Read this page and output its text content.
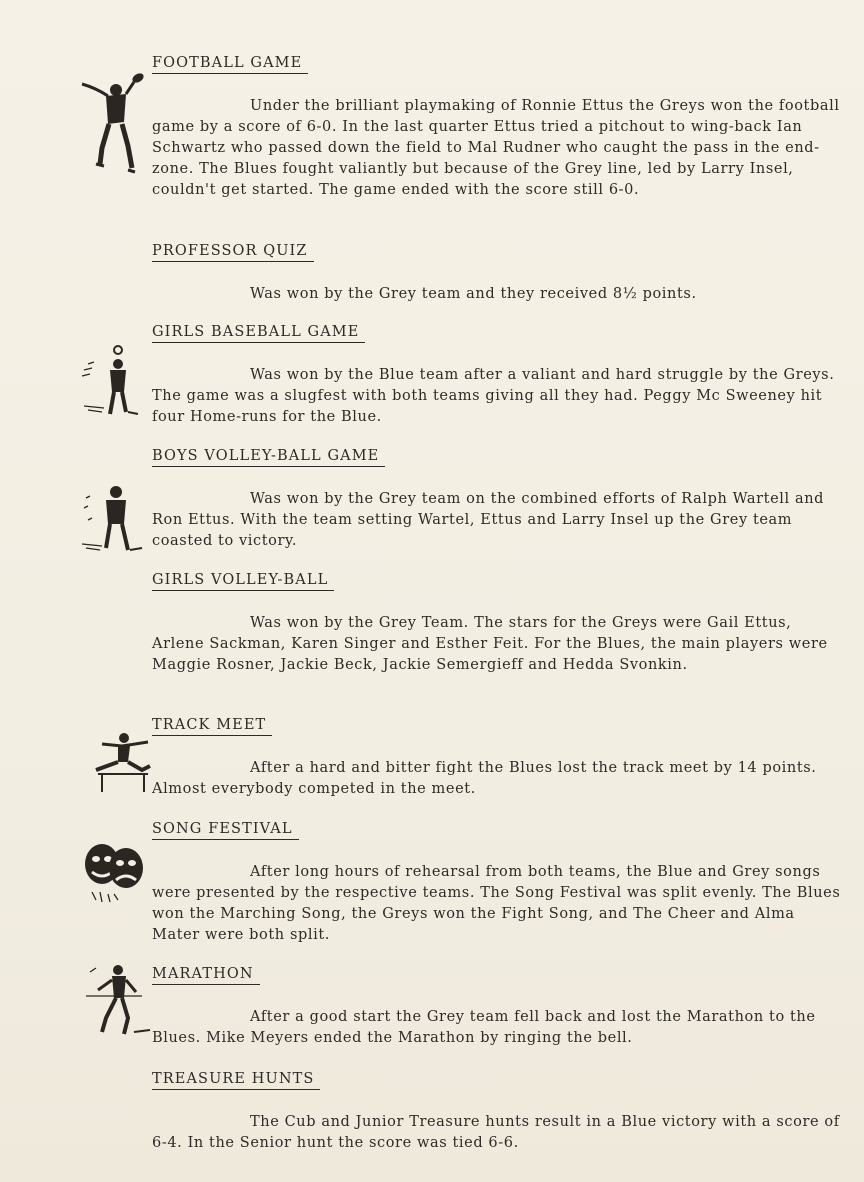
FOOTBALL GAME

Under the brilliant playmaking of Ronnie Ettus the Greys won the football game by a score of 6-0. In the last quarter Ettus tried a pitchout to wing-back Ian Schwartz who passed down the field to Mal Rudner who caught the pass in the end-zone. The Blues fought valiantly but because of the Grey line, led by Larry Insel, couldn't get started. The game ended with the score still 6-0.

PROFESSOR QUIZ

Was won by the Grey team and they received 8½ points.

GIRLS BASEBALL GAME

Was won by the Blue team after a valiant and hard struggle by the Greys. The game was a slugfest with both teams giving all they had. Peggy Mc Sweeney hit four Home-runs for the Blue.

BOYS VOLLEY-BALL GAME

Was won by the Grey team on the combined efforts of Ralph Wartell and Ron Ettus. With the team setting Wartel, Ettus and Larry Insel up the Grey team coasted to victory.

GIRLS VOLLEY-BALL

Was won by the Grey Team. The stars for the Greys were Gail Ettus, Arlene Sackman, Karen Singer and Esther Feit. For the Blues, the main players were Maggie Rosner, Jackie Beck, Jackie Semergieff and Hedda Svonkin.

TRACK MEET

After a hard and bitter fight the Blues lost the track meet by 14 points. Almost everybody competed in the meet.

SONG FESTIVAL

After long hours of rehearsal from both teams, the Blue and Grey songs were presented by the respective teams. The Song Festival was split evenly. The Blues won the Marching Song, the Greys won the Fight Song, and The Cheer and Alma Mater were both split.

MARATHON

After a good start the Grey team fell back and lost the Marathon to the Blues. Mike Meyers ended the Marathon by ringing the bell.

TREASURE HUNTS

The Cub and Junior Treasure hunts result in a Blue victory with a score of 6-4. In the Senior hunt the score was tied 6-6.
